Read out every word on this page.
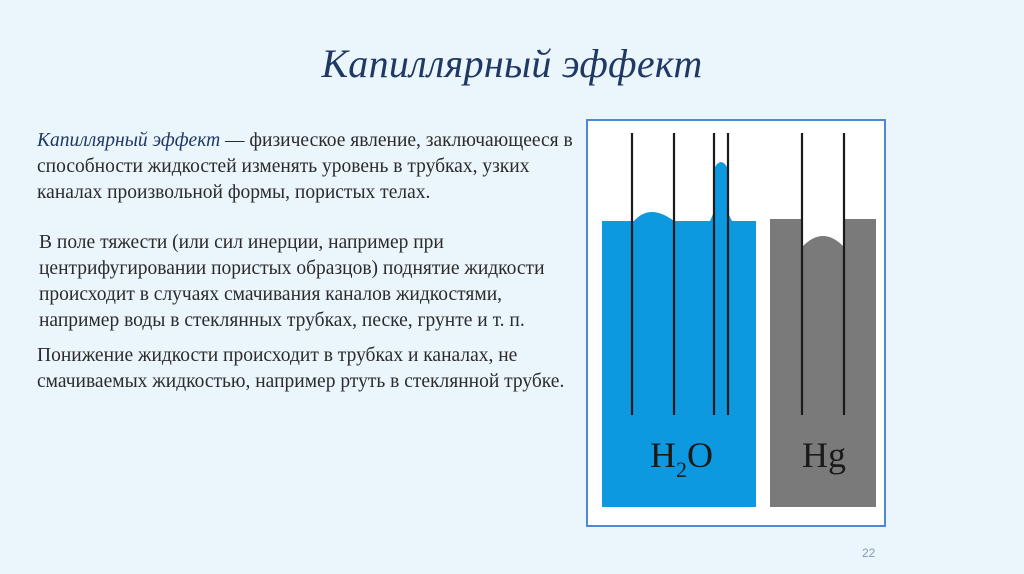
Капиллярный эффект

Капиллярный эффект — физическое явление, заключающееся в способности жидкостей изменять уровень в трубках, узких каналах произвольной формы, пористых телах.

В поле тяжести (или сил инерции, например при центрифугировании пористых образцов) поднятие жидкости происходит в случаях смачивания каналов жидкостями, например воды в стеклянных трубках, песке, грунте и т. п.

Понижение жидкости происходит в трубках и каналах, не смачиваемых жидкостью, например ртуть в стеклянной трубке.

$H_2O$ Hg
22
